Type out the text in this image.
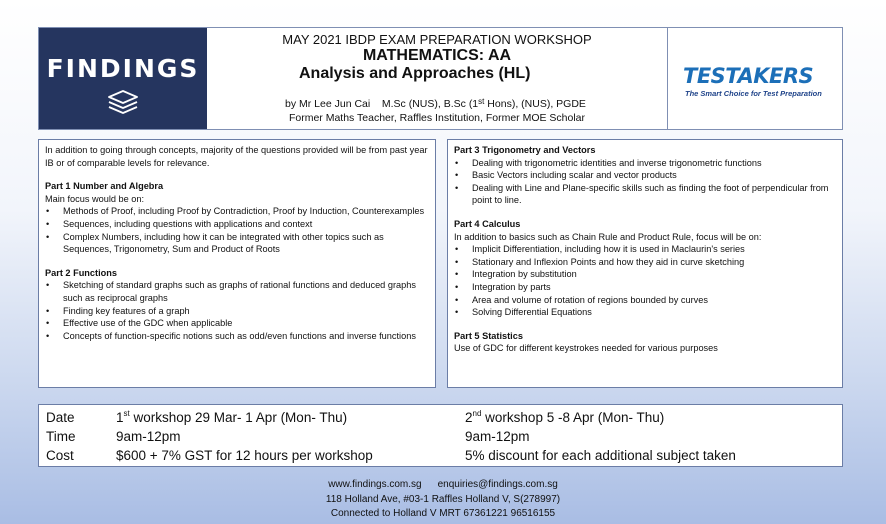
FINDINGS
MAY 2021 IBDP EXAM PREPARATION WORKSHOP
MATHEMATICS: AA
Analysis and Approaches (HL)
by Mr Lee Jun Cai M.Sc (NUS), B.Sc (1st Hons), (NUS), PGDE
Former Maths Teacher, Raffles Institution, Former MOE Scholar
TESTAKERS
The Smart Choice for Test Preparation

In addition to going through concepts, majority of the questions provided will be from past year IB or of comparable levels for relevance.

Part 1 Number and Algebra

Main focus would be on:

• Methods of Proof, including Proof by Contradiction, Proof by Induction, Counterexamples
• Sequences, including questions with applications and context
• Complex Numbers, including how it can be integrated with other topics such as Sequences, Trigonometry, Sum and Product of Roots

Part 2 Functions

• Sketching of standard graphs such as graphs of rational functions and deduced graphs such as reciprocal graphs
• Finding key features of a graph
• Effective use of the GDC when applicable
• Concepts of function-specific notions such as odd/even functions and inverse functions

Part 3 Trigonometry and Vectors

• Dealing with trigonometric identities and inverse trigonometric functions
• Basic Vectors including scalar and vector products
• Dealing with Line and Plane-specific skills such as finding the foot of perpendicular from point to line.

Part 4 Calculus

In addition to basics such as Chain Rule and Product Rule, focus will be on:

• Implicit Differentiation, including how it is used in Maclaurin's series
• Stationary and Inflexion Points and how they aid in curve sketching
• Integration by substitution
• Integration by parts
• Area and volume of rotation of regions bounded by curves
• Solving Differential Equations

Part 5 Statistics

Use of GDC for different keystrokes needed for various purposes

Date
Time
Cost
1st workshop 29 Mar- 1 Apr (Mon- Thu)
9am-12pm
$600 + 7% GST for 12 hours per workshop
2nd workshop 5 -8 Apr (Mon- Thu)
9am-12pm
5% discount for each additional subject taken
www.findings.com.sg enquiries@findings.com.sg
118 Holland Ave, #03-1 Raffles Holland V, S(278997)
Connected to Holland V MRT 67361221 96516155
